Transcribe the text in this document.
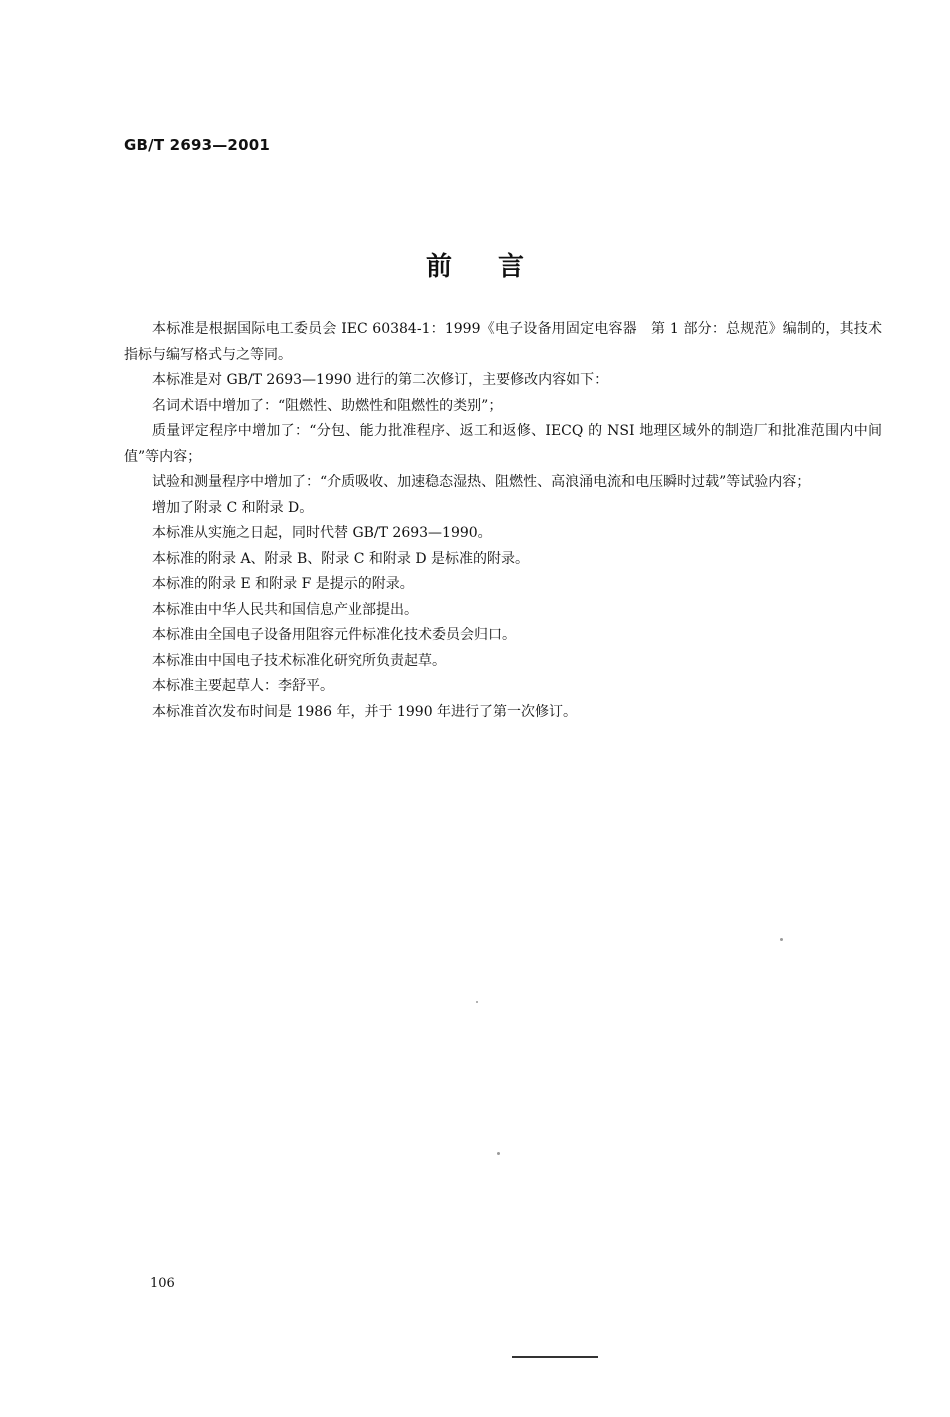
GB/T 2693—2001
前言

本标准是根据国际电工委员会 IEC 60384-1：1999《电子设备用固定电容器　第 1 部分：总规范》编制的，其技术指标与编写格式与之等同。

本标准是对 GB/T 2693—1990 进行的第二次修订，主要修改内容如下：

名词术语中增加了：“阻燃性、助燃性和阻燃性的类别”；

质量评定程序中增加了：“分包、能力批准程序、返工和返修、IECQ 的 NSI 地理区域外的制造厂和批准范围内中间值”等内容；

试验和测量程序中增加了：“介质吸收、加速稳态湿热、阻燃性、高浪涌电流和电压瞬时过载”等试验内容；

增加了附录 C 和附录 D。

本标准从实施之日起，同时代替 GB/T 2693—1990。

本标准的附录 A、附录 B、附录 C 和附录 D 是标准的附录。

本标准的附录 E 和附录 F 是提示的附录。

本标准由中华人民共和国信息产业部提出。

本标准由全国电子设备用阻容元件标准化技术委员会归口。

本标准由中国电子技术标准化研究所负责起草。

本标准主要起草人：李舒平。

本标准首次发布时间是 1986 年，并于 1990 年进行了第一次修订。

106
